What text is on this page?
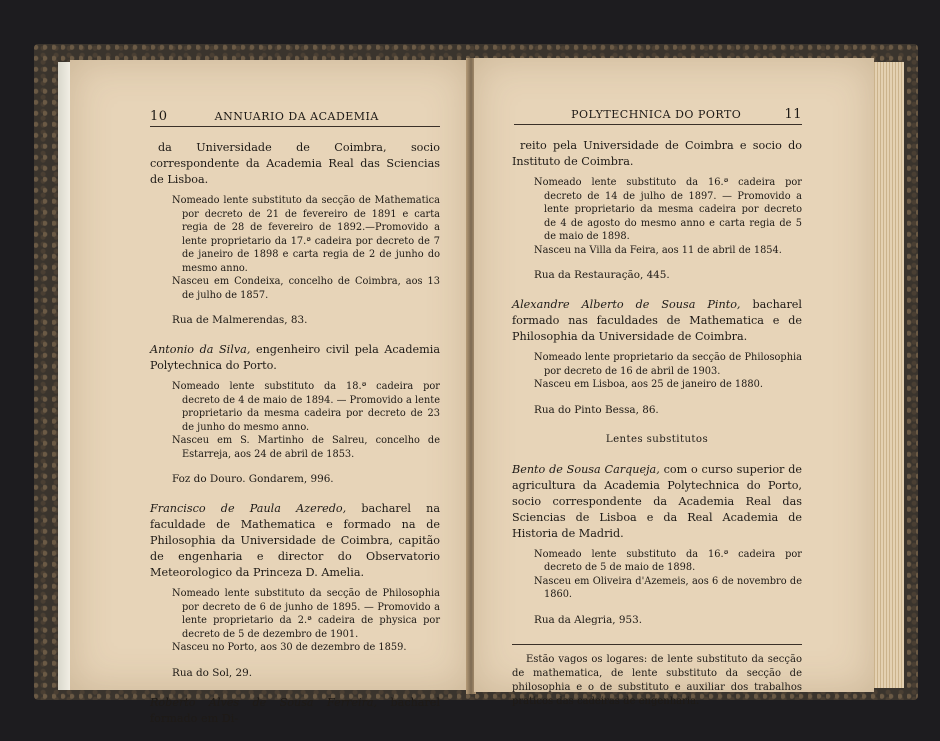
10	ANNUARIO DA ACADEMIA

da Universidade de Coimbra, socio correspondente da Academia Real das Sciencias de Lisboa.

Nomeado lente substituto da secção de Mathematica por decreto de 21 de fevereiro de 1891 e carta regia de 28 de fevereiro de 1892.—Promovido a lente proprietario da 17.ª cadeira por decreto de 7 de janeiro de 1898 e carta regia de 2 de junho do mesmo anno.

Nasceu em Condeixa, concelho de Coimbra, aos 13 de julho de 1857.

Rua de Malmerendas, 83.

Antonio da Silva, engenheiro civil pela Academia Polytechnica do Porto.

Nomeado lente substituto da 18.ª cadeira por decreto de 4 de maio de 1894. — Promovido a lente proprietario da mesma cadeira por decreto de 23 de junho do mesmo anno.

Nasceu em S. Martinho de Salreu, concelho de Estarreja, aos 24 de abril de 1853.

Foz do Douro. Gondarem, 996.

Francisco de Paula Azeredo, bacharel na faculdade de Mathematica e formado na de Philosophia da Universidade de Coimbra, capitão de engenharia e director do Observatorio Meteorologico da Princeza D. Amelia.

Nomeado lente substituto da secção de Philosophia por decreto de 6 de junho de 1895. — Promovido a lente proprietario da 2.ª cadeira de physica por decreto de 5 de dezembro de 1901.

Nasceu no Porto, aos 30 de dezembro de 1859.

Rua do Sol, 29.

Roberto Alves de Sousa Ferreira, bacharel formado em Di-

POLYTECHNICA DO PORTO	11

reito pela Universidade de Coimbra e socio do Instituto de Coimbra.

Nomeado lente substituto da 16.ª cadeira por decreto de 14 de julho de 1897. — Promovido a lente proprietario da mesma cadeira por decreto de 4 de agosto do mesmo anno e carta regia de 5 de maio de 1898.

Nasceu na Villa da Feira, aos 11 de abril de 1854.

Rua da Restauração, 445.

Alexandre Alberto de Sousa Pinto, bacharel formado nas faculdades de Mathematica e de Philosophia da Universidade de Coimbra.

Nomeado lente proprietario da secção de Philosophia por decreto de 16 de abril de 1903.

Nasceu em Lisboa, aos 25 de janeiro de 1880.

Rua do Pinto Bessa, 86.
Lentes substitutos

Bento de Sousa Carqueja, com o curso superior de agricultura da Academia Polytechnica do Porto, socio correspondente da Academia Real das Sciencias de Lisboa e da Real Academia de Historia de Madrid.

Nomeado lente substituto da 16.ª cadeira por decreto de 5 de maio de 1898.

Nasceu em Oliveira d'Azemeis, aos 6 de novembro de 1860.

Rua da Alegria, 953.

Estão vagos os logares: de lente substituto da secção de mathematica, de lente substituto da secção de philosophia e o de substituto e auxiliar dos trabalhos praticos das cadeiras de engenharia.
